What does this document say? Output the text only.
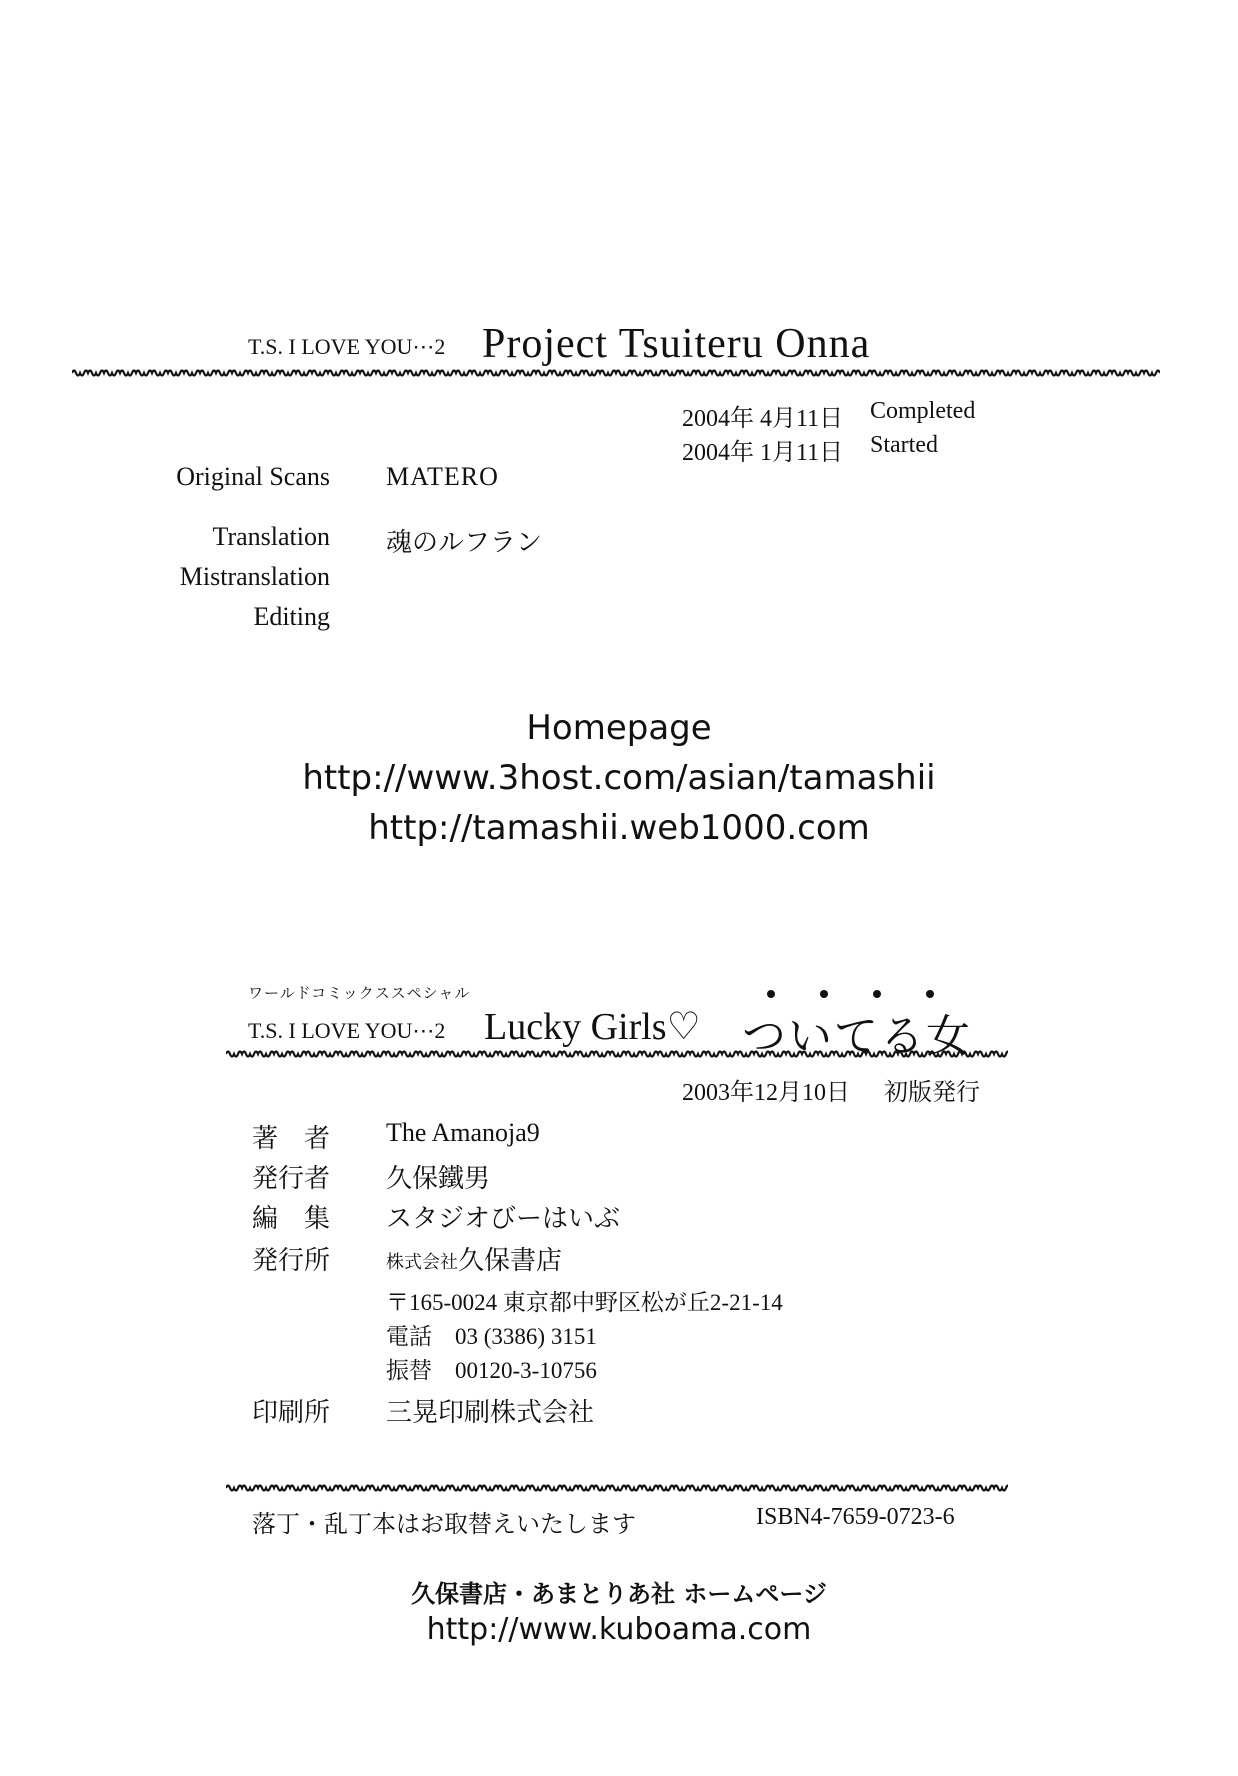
T.S. I LOVE YOU⋯2 Project Tsuiteru Onna
2004年 4月11日 Completed
2004年 1月11日 Started
Original Scans MATERO
Translation 魂のルフラン
Mistranslation
Editing
Homepage
http://www.3host.com/asian/tamashii
http://tamashii.web1000.com
ワールドコミックススペシャル
T.S. I LOVE YOU⋯2 Lucky Girls♡ ついてる女
2003年12月10日 初版発行
著　者 The Amanoja9
発行者 久保鐵男
編　集 スタジオびーはいぶ
発行所	株式会社 久保書店
〒165-0024 東京都中野区松が丘2-21-14
電話　03 (3386) 3151
振替　00120-3-10756
印刷所 三晃印刷株式会社
落丁・乱丁本はお取替えいたします	ISBN4-7659-0723-6
久保書店・あまとりあ社 ホームページ
http://www.kuboama.com
